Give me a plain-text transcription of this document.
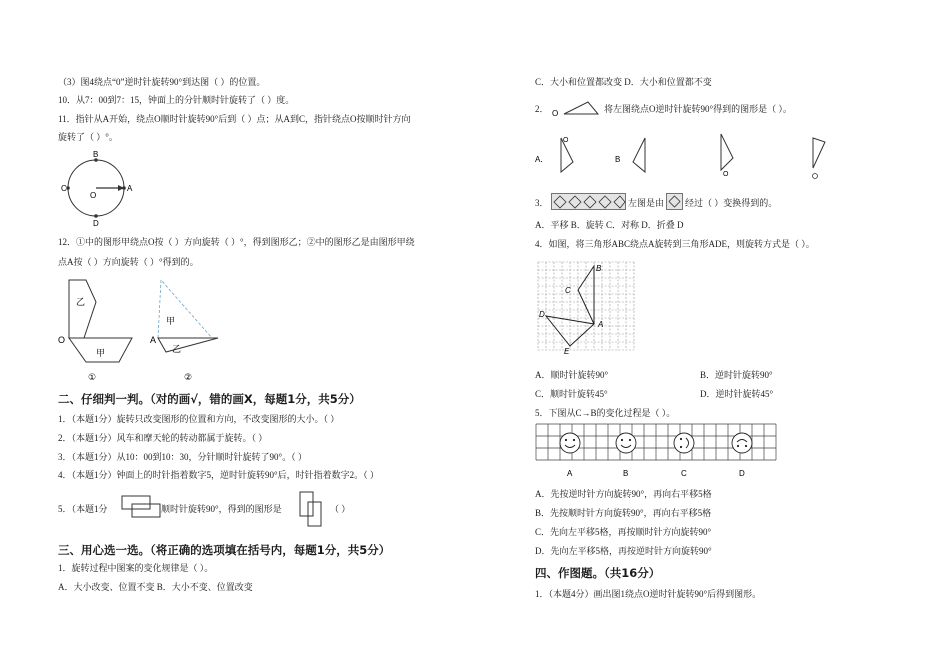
（3）图4绕点“0”逆时针旋转90°到达图（ ）的位置。
10．从7：00到7：15，钟面上的分针顺时针旋转了（ ）度。
11．指针从A开始，绕点O顺时针旋转90°后到（ ）点；从A到C，指针绕点O按顺时针方向
旋转了（ ）°。
B
C	A
D
O
12．①中的图形甲绕点O按（ ）方向旋转（ ）°，得到图形乙；②中的图形乙是由图形甲绕
点A按（ ）方向旋转（ ）°得到的。
乙
甲
O
①
A
甲
乙
②
二、仔细判一判。（对的画√，错的画X，每题1分，共5分）
1．（本题1分）旋转只改变图形的位置和方向，不改变图形的大小。（ ）
2．（本题1分）风车和摩天轮的转动都属于旋转。（ ）
3．（本题1分）从10：00到10：30，分针顺时针旋转了90°。（ ）
4．（本题1分）钟面上的时针指着数字5，逆时针旋转90°后，时针指着数字2。（ ）
5．（本题1分	顺时针旋转90°，得到的图形是	（ ）
三、用心选一选。（将正确的选项填在括号内，每题1分，共5分）
1．旋转过程中图案的变化规律是（ ）。
A．大小改变、位置不变 B．大小不变、位置改变
C．大小和位置都改变 D．大小和位置都不变
2． O	将左图绕点O逆时针旋转90°得到的图形是（ ）。
A．
O
B
O
3．	左图是由 经过（ ）变换得到的。
A．平移 B．旋转 C．对称 D．折叠 D
4．如图，将三角形ABC绕点A旋转到三角形ADE，则旋转方式是（ ）。
B
C
D
A
E
A．顺时针旋转90°	B．逆时针旋转90°
C．顺时针旋转45°	D．逆时针旋转45°
5．下图从C→B的变化过程是（ ）。
A	B	C	D
A．先按逆时针方向旋转90°，再向右平移5格
B．先按顺时针方向旋转90°，再向右平移5格
C．先向左平移5格，再按顺时针方向旋转90°
D．先向左平移5格，再按逆时针方向旋转90°
四、作图题。（共16分）
1．（本题4分）画出图1绕点O逆时针旋转90°后得到图形。
